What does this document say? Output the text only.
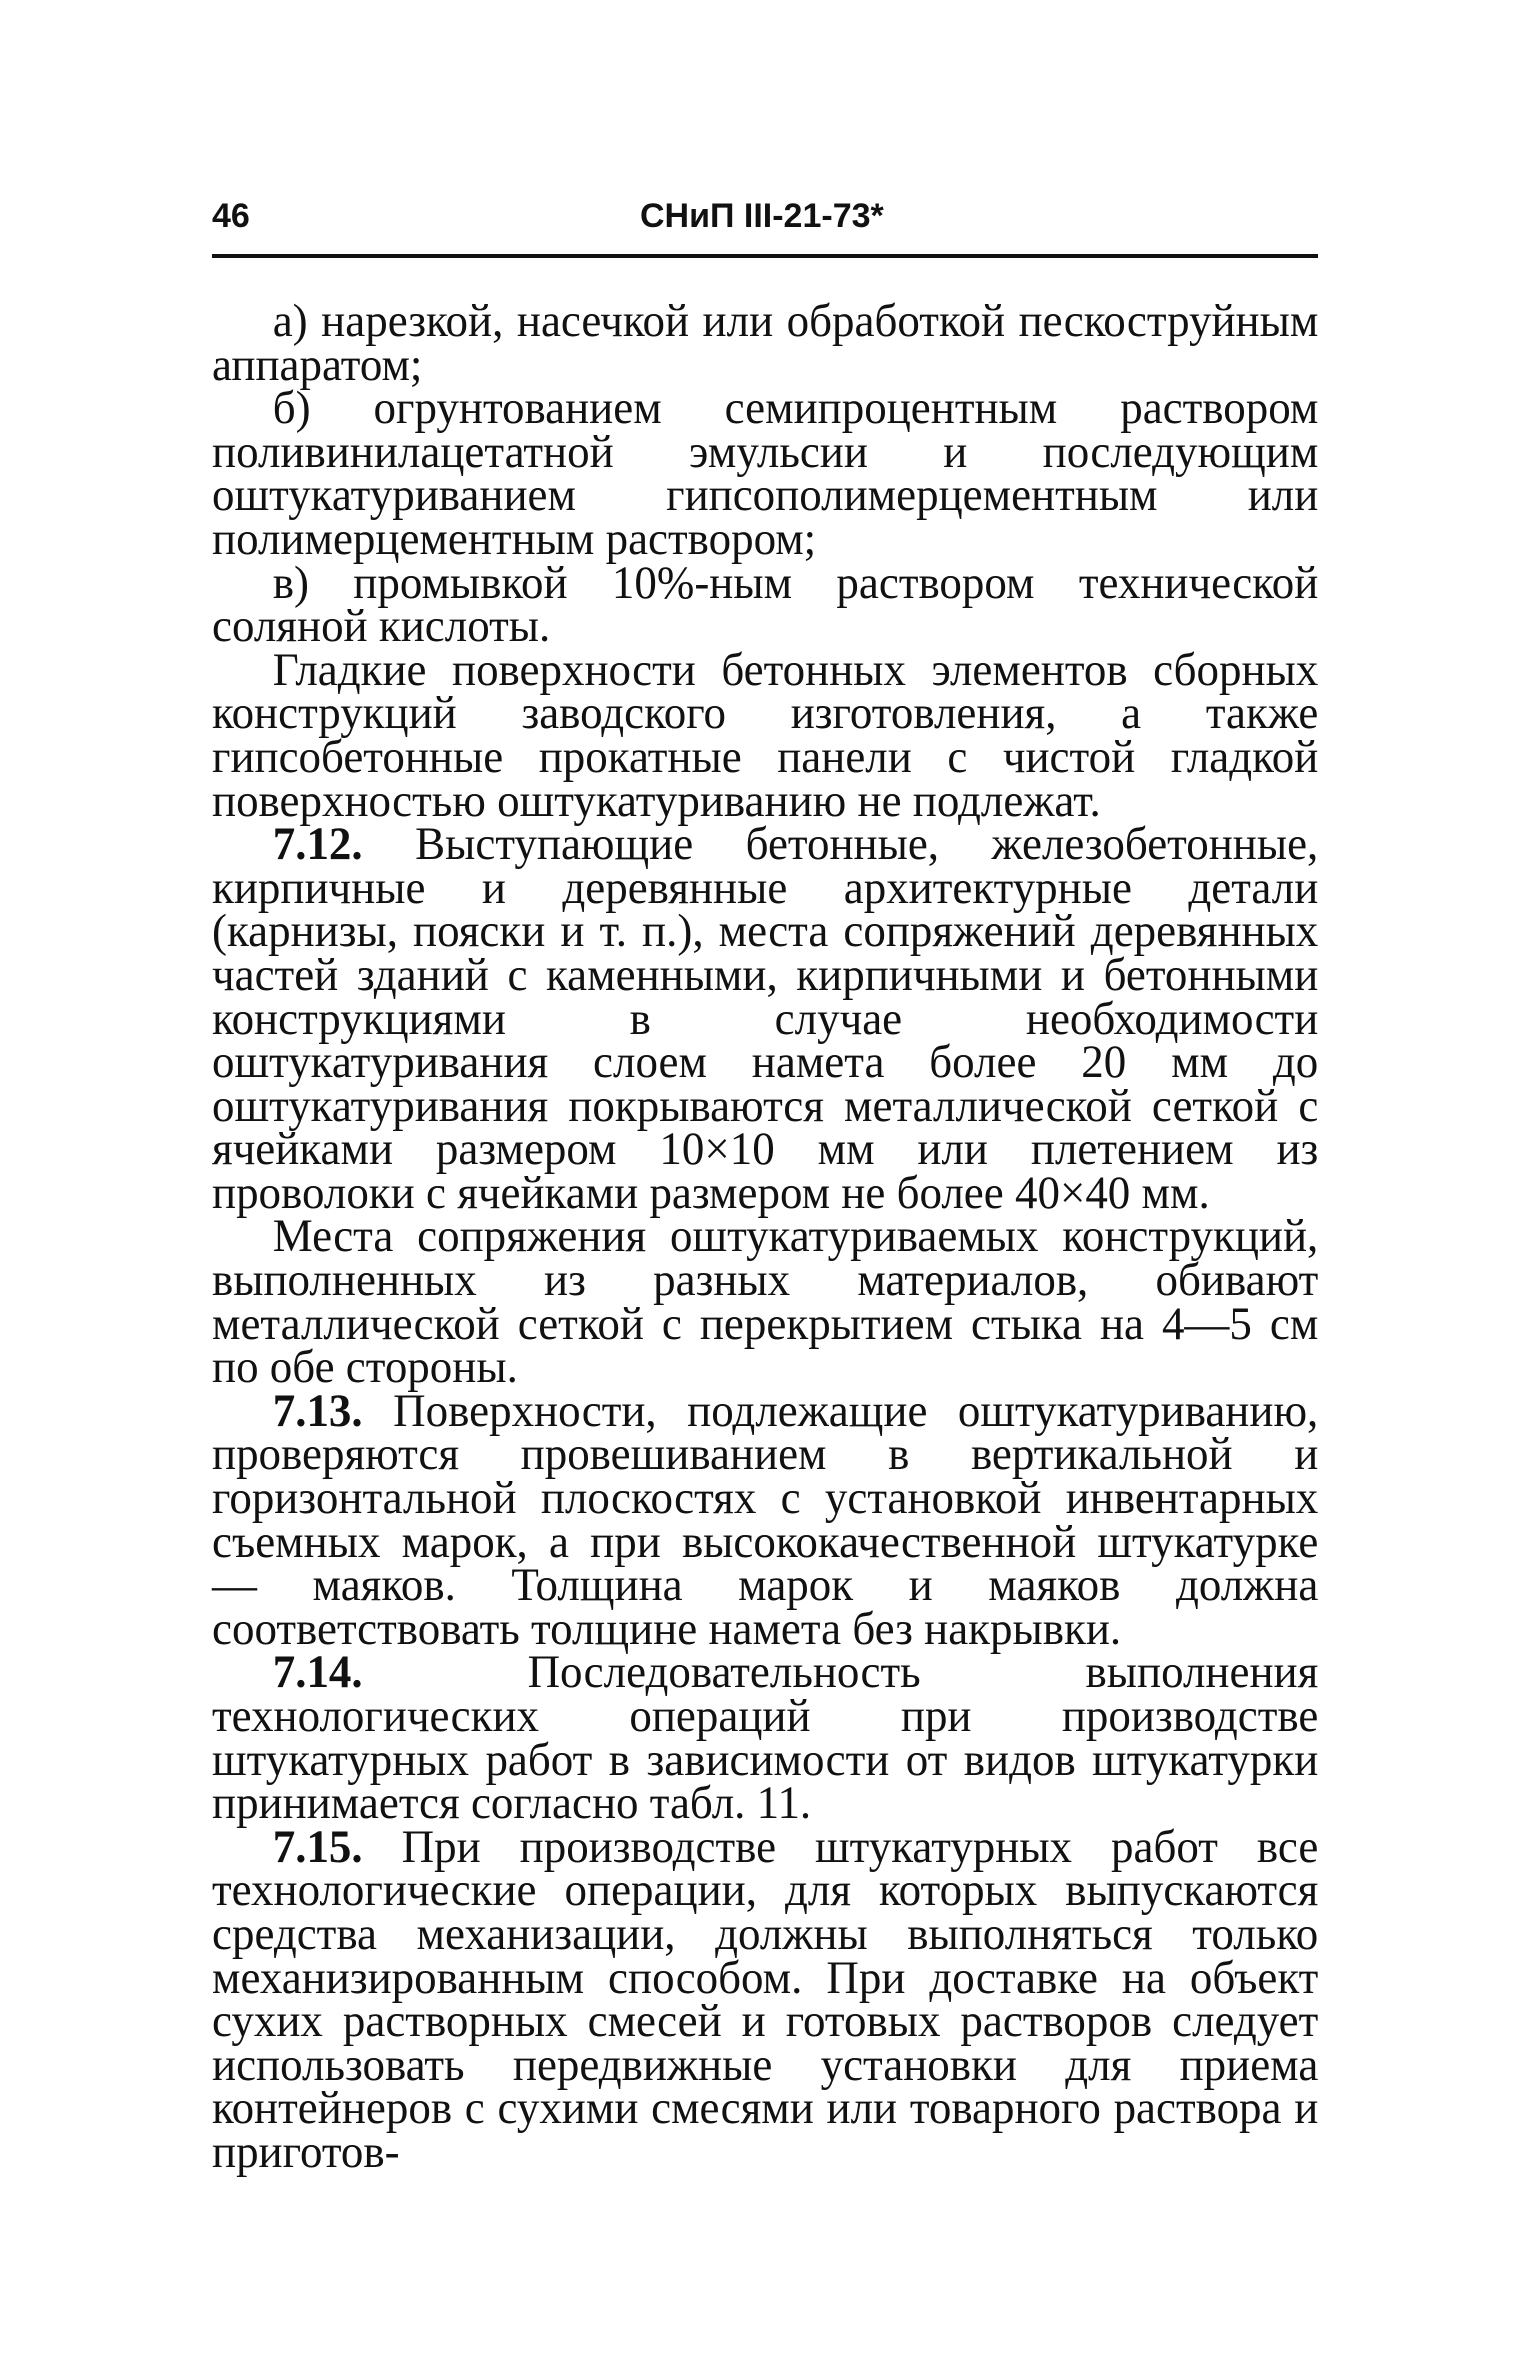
46	СНиП III-21-73*

а) нарезкой, насечкой или обработкой пескоструйным аппаратом;

б) огрунтованием семипроцентным раствором поливинилацетатной эмульсии и последующим оштукатуриванием гипсополимерцементным или полимерцементным раствором;

в) промывкой 10%-ным раствором технической соляной кислоты.

Гладкие поверхности бетонных элементов сборных конструкций заводского изготовления, а также гипсобетонные прокатные панели с чистой гладкой поверхностью оштукатуриванию не подлежат.

7.12. Выступающие бетонные, железобетонные, кирпичные и деревянные архитектурные детали (карнизы, пояски и т. п.), места сопряжений деревянных частей зданий с каменными, кирпичными и бетонными конструкциями в случае необходимости оштукатуривания слоем намета более 20 мм до оштукатуривания покрываются металлической сеткой с ячейками размером 10×10 мм или плетением из проволоки с ячейками размером не более 40×40 мм.

Места сопряжения оштукатуриваемых конструкций, выполненных из разных материалов, обивают металлической сеткой с перекрытием стыка на 4—5 см по обе стороны.

7.13. Поверхности, подлежащие оштукатуриванию, проверяются провешиванием в вертикальной и горизонтальной плоскостях с установкой инвентарных съемных марок, а при высококачественной штукатурке — маяков. Толщина марок и маяков должна соответствовать толщине намета без накрывки.

7.14.	Последовательность выполнения технологических операций при производстве штукатурных работ в зависимости от видов штукатурки принимается согласно табл. 11.

7.15. При производстве штукатурных работ все технологические операции, для которых выпускаются средства механизации, должны выполняться только механизированным способом. При доставке на объект сухих растворных смесей и готовых растворов следует использовать передвижные установки для приема контейнеров с сухими смесями или товарного раствора и приготов-
